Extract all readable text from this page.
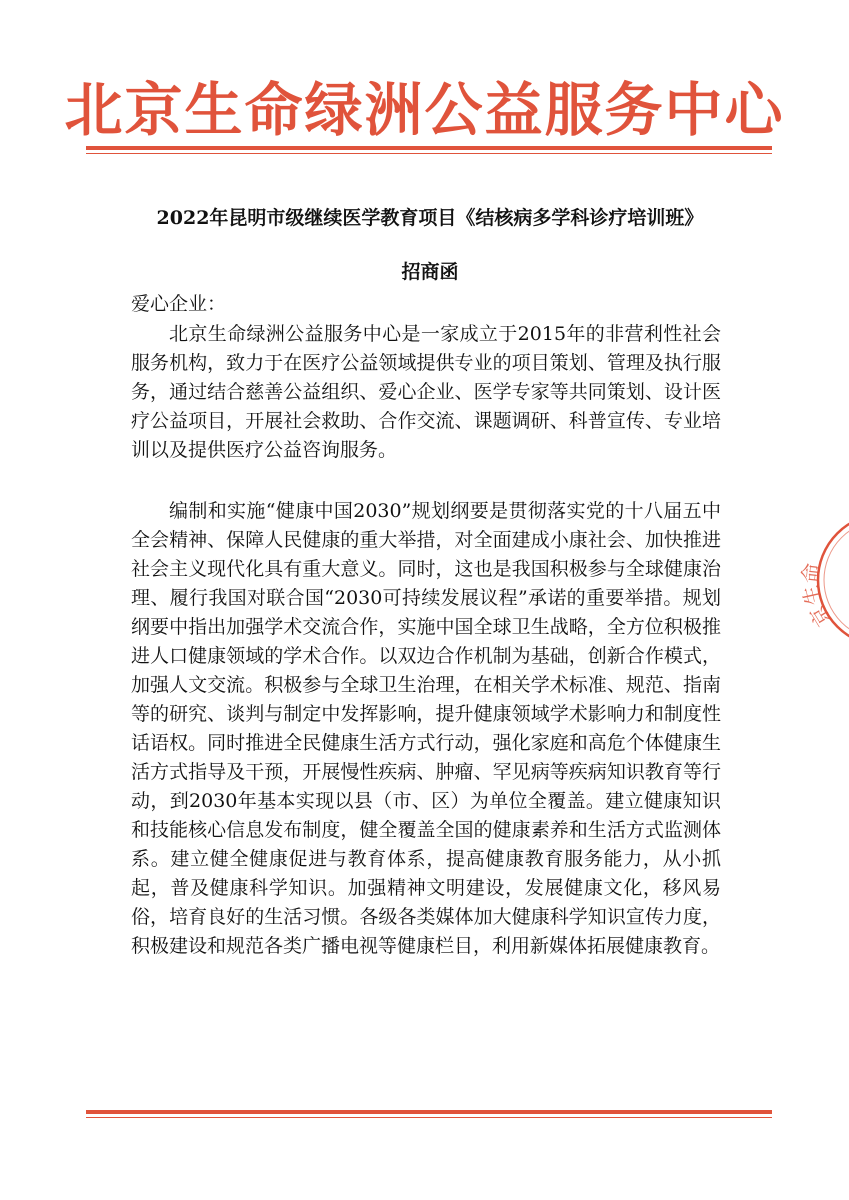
北京生命绿洲公益服务中心
2022年昆明市级继续医学教育项目《结核病多学科诊疗培训班》
招商函
爱心企业：

北京生命绿洲公益服务中心是一家成立于2015年的非营利性社会服务机构，致力于在医疗公益领域提供专业的项目策划、管理及执行服务，通过结合慈善公益组织、爱心企业、医学专家等共同策划、设计医疗公益项目，开展社会救助、合作交流、课题调研、科普宣传、专业培训以及提供医疗公益咨询服务。

编制和实施“健康中国2030”规划纲要是贯彻落实党的十八届五中全会精神、保障人民健康的重大举措，对全面建成小康社会、加快推进社会主义现代化具有重大意义。同时，这也是我国积极参与全球健康治理、履行我国对联合国“2030可持续发展议程”承诺的重要举措。规划纲要中指出加强学术交流合作，实施中国全球卫生战略，全方位积极推进人口健康领域的学术合作。以双边合作机制为基础，创新合作模式，加强人文交流。积极参与全球卫生治理，在相关学术标准、规范、指南等的研究、谈判与制定中发挥影响，提升健康领域学术影响力和制度性话语权。同时推进全民健康生活方式行动，强化家庭和高危个体健康生活方式指导及干预，开展慢性疾病、肿瘤、罕见病等疾病知识教育等行动，到2030年基本实现以县（市、区）为单位全覆盖。建立健康知识和技能核心信息发布制度，健全覆盖全国的健康素养和生活方式监测体系。建立健全健康促进与教育体系，提高健康教育服务能力，从小抓起，普及健康科学知识。加强精神文明建设，发展健康文化，移风易俗，培育良好的生活习惯。各级各类媒体加大健康科学知识宣传力度，积极建设和规范各类广播电视等健康栏目，利用新媒体拓展健康教育。

京生命
